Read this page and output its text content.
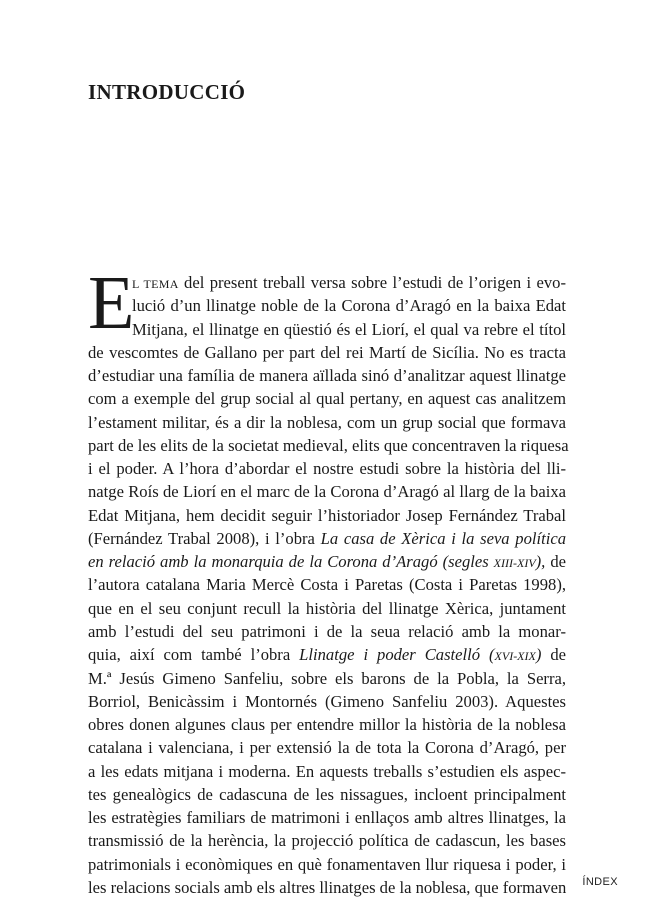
INTRODUCCIÓ
E
L TEMA del present treball versa sobre l’estudi de l’origen i evo-
lució d’un llinatge noble de la Corona d’Aragó en la baixa Edat
Mitjana, el llinatge en qüestió és el Liorí, el qual va rebre el títol
de vescomtes de Gallano per part del rei Martí de Sicília. No es tracta
d’estudiar una família de manera aïllada sinó d’analitzar aquest llinatge
com a exemple del grup social al qual pertany, en aquest cas analitzem
l’estament militar, és a dir la noblesa, com un grup social que formava
part de les elits de la societat medieval, elits que concentraven la riquesa
i el poder. A l’hora d’abordar el nostre estudi sobre la història del lli-
natge Roís de Liorí en el marc de la Corona d’Aragó al llarg de la baixa
Edat Mitjana, hem decidit seguir l’historiador Josep Fernández Trabal
(Fernández Trabal 2008), i l’obra La casa de Xèrica i la seva política
en relació amb la monarquia de la Corona d’Aragó (segles XIII-XIV), de
l’autora catalana Maria Mercè Costa i Paretas (Costa i Paretas 1998),
que en el seu conjunt recull la història del llinatge Xèrica, juntament
amb l’estudi del seu patrimoni i de la seua relació amb la monar-
quia, així com també l’obra Llinatge i poder Castelló (XVI-XIX) de
M.ª Jesús Gimeno Sanfeliu, sobre els barons de la Pobla, la Serra,
Borriol, Benicàssim i Montornés (Gimeno Sanfeliu 2003). Aquestes
obres donen algunes claus per entendre millor la història de la noblesa
catalana i valenciana, i per extensió la de tota la Corona d’Aragó, per
a les edats mitjana i moderna. En aquests treballs s’estudien els aspec-
tes genealògics de cadascuna de les nissagues, incloent principalment
les estratègies familiars de matrimoni i enllaços amb altres llinatges, la
transmissió de la herència, la projecció política de cadascun, les bases
patrimonials i econòmiques en què fonamentaven llur riquesa i poder, i
les relacions socials amb els altres llinatges de la noblesa, que formaven ÍNDEX
